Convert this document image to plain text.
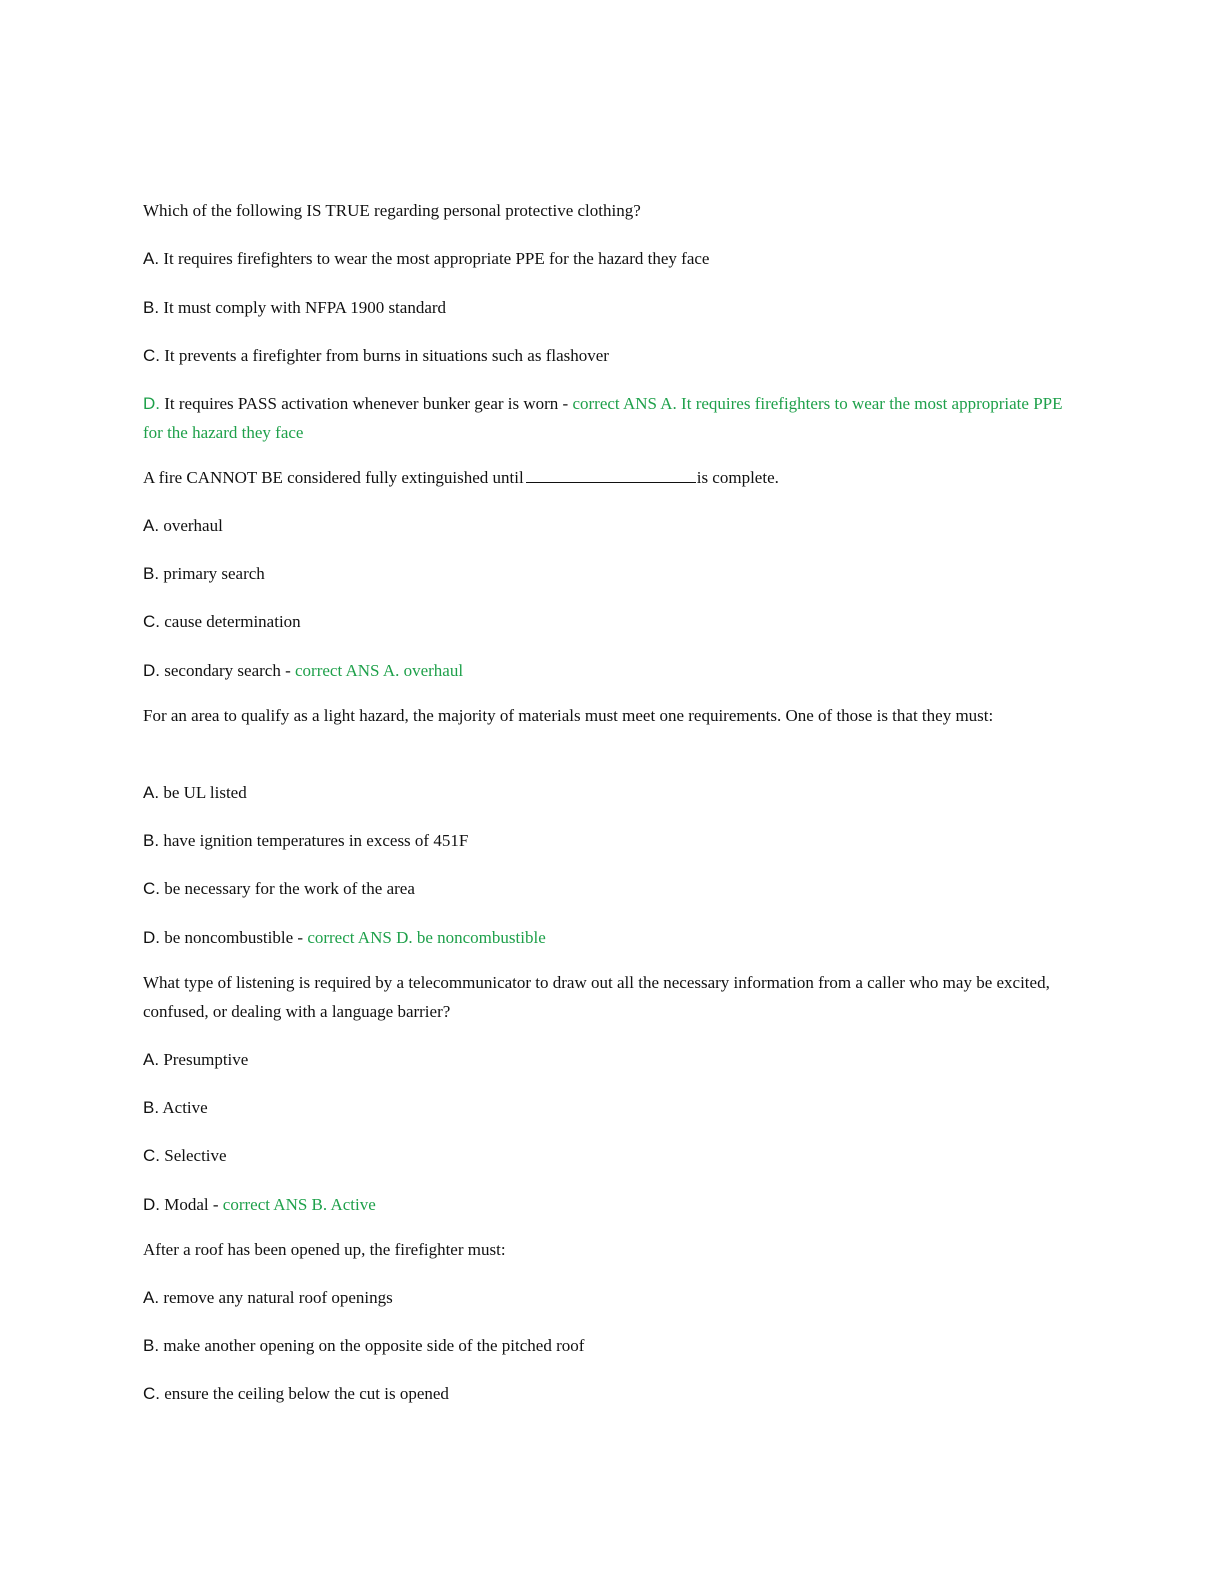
Which of the following IS TRUE regarding personal protective clothing?
A. It requires firefighters to wear the most appropriate PPE for the hazard they face
B. It must comply with NFPA 1900 standard
C. It prevents a firefighter from burns in situations such as flashover
D. It requires PASS activation whenever bunker gear is worn - correct ANS A. It requires firefighters to wear the most appropriate PPE for the hazard they face
A fire CANNOT BE considered fully extinguished until	is complete.
A. overhaul
B. primary search
C. cause determination
D. secondary search - correct ANS A. overhaul
For an area to qualify as a light hazard, the majority of materials must meet one requirements. One of those is that they must:
A. be UL listed
B. have ignition temperatures in excess of 451F
C. be necessary for the work of the area
D. be noncombustible - correct ANS D. be noncombustible
What type of listening is required by a telecommunicator to draw out all the necessary information from a caller who may be excited, confused, or dealing with a language barrier?
A. Presumptive
B. Active
C. Selective
D. Modal - correct ANS B. Active
After a roof has been opened up, the firefighter must:
A. remove any natural roof openings
B. make another opening on the opposite side of the pitched roof
C. ensure the ceiling below the cut is opened
